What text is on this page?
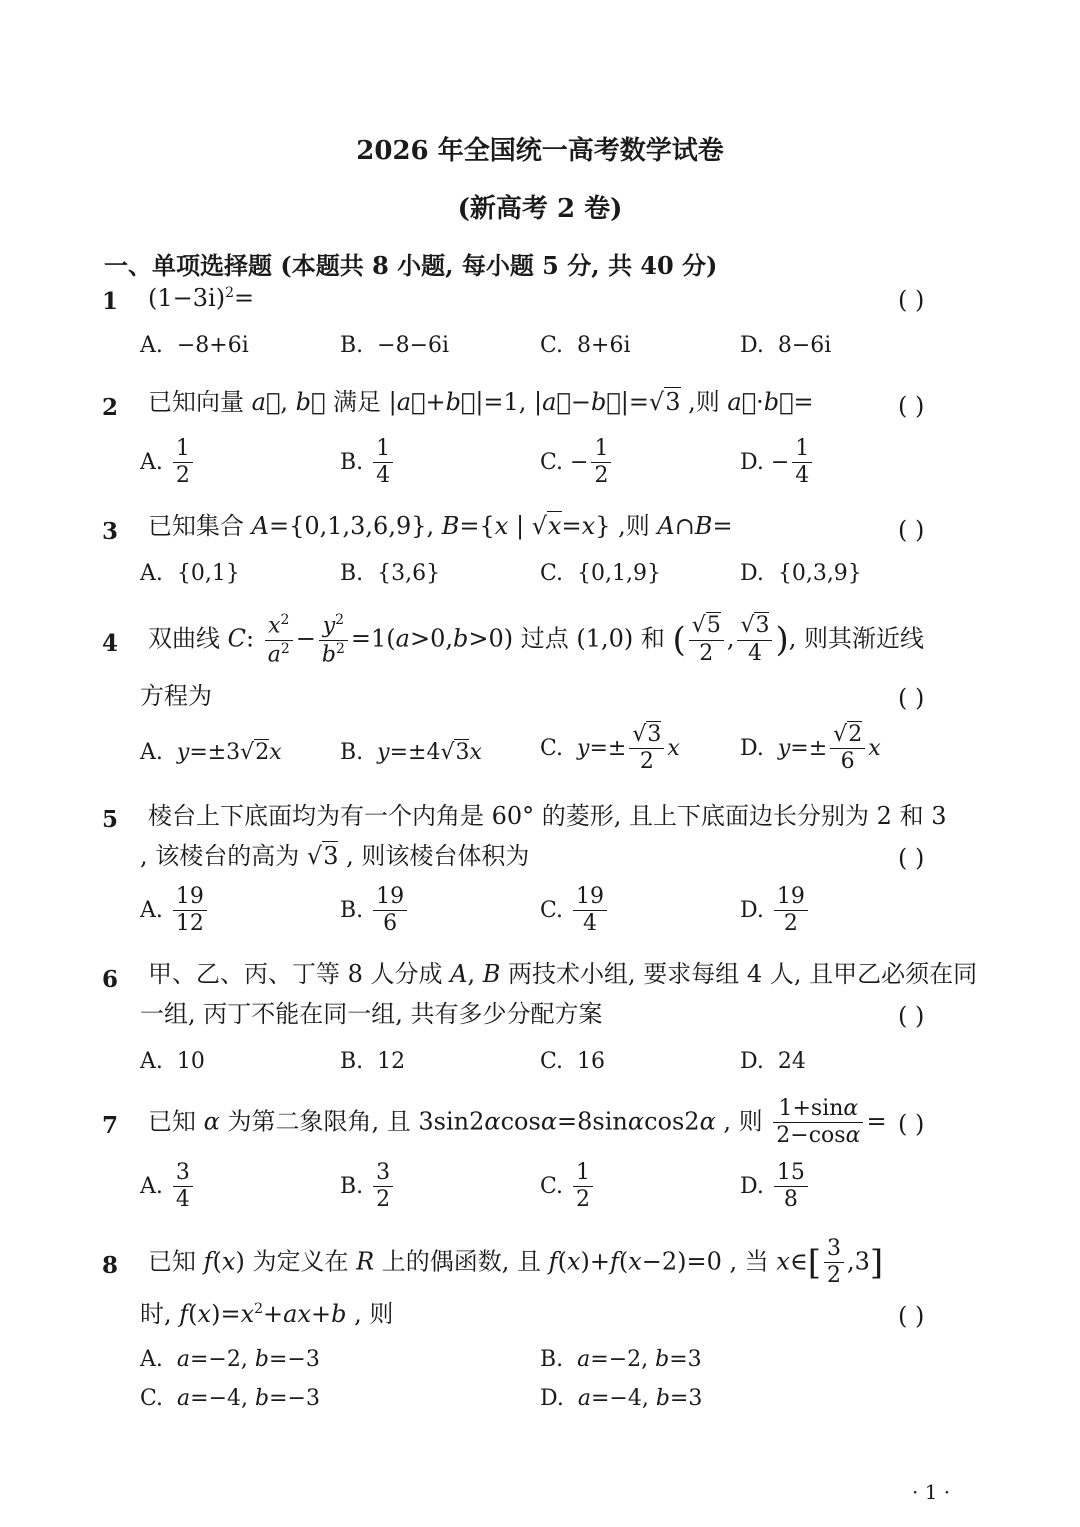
2026 年全国统一高考数学试卷
(新高考 2 卷)
一、单项选择题 (本题共 8 小题, 每小题 5 分, 共 40 分)
1 $(1-3i)^2=$	( )
A.  −8+6i	B.  −8−6i	C.  8+6i	D.  8−6i
2 已知向量 a⃗, b⃗ 满足 |a⃗+b⃗|=1, |a⃗−b⃗|=√3 ,则 a⃗·b⃗=	( )
A. $\frac{1}{2}$	B. $\frac{1}{4}$	C. − $\frac{1}{2}$	D. − $\frac{1}{4}$
3 已知集合 A={0,1,3,6,9}, B={x | √x=x} ,则 A∩B=	( )
A.  {0,1}	B.  {3,6}	C.  {0,1,9}	D.  {0,3,9}
4 双曲线 C: $\frac{x^2}{a^2} - \frac{y^2}{b^2} =1(a>0,b>0)$ 过点 (1,0) 和 ( $\frac{√5}{2}$ , $\frac{√3}{4}$ ), 则其渐近线
方程为	( )
A.  y=±3√2x	B.  y=±4√3x	C.  $y=\pm \frac{√3}{2}$ x	D.  $y=\pm \frac{√2}{6}$ x
5 棱台上下底面均为有一个内角是 60° 的菱形, 且上下底面边长分别为 2 和 3
, 该棱台的高为 √3 , 则该棱台体积为	( )
A. $\frac{19}{12}$	B. $\frac{19}{6}$	C. $\frac{19}{4}$	D. $\frac{19}{2}$
6 甲、乙、丙、丁等 8 人分成 A, B 两技术小组, 要求每组 4 人, 且甲乙必须在同
一组, 丙丁不能在同一组, 共有多少分配方案	( )
A.  10	B.  12	C.  16	D.  24
7 已知 α 为第二象限角, 且 3sin2αcosα=8sinαcos2α , 则 $\frac{1+\sin\alpha}{2-\cos\alpha}$ = ( )
A. $\frac{3}{4}$	B. $\frac{3}{2}$	C. $\frac{1}{2}$	D. $\frac{15}{8}$
8 已知 f(x) 为定义在 R 上的偶函数, 且 f(x)+f(x−2)=0 , 当 x∈[ $\frac{3}{2} ,3$]
时, $f(x)=x^2+ax+b$ , 则	( )
A.  a=−2, b=−3	B.  a=−2, b=3
C.  a=−4, b=−3	D.  a=−4, b=3
· 1 ·
